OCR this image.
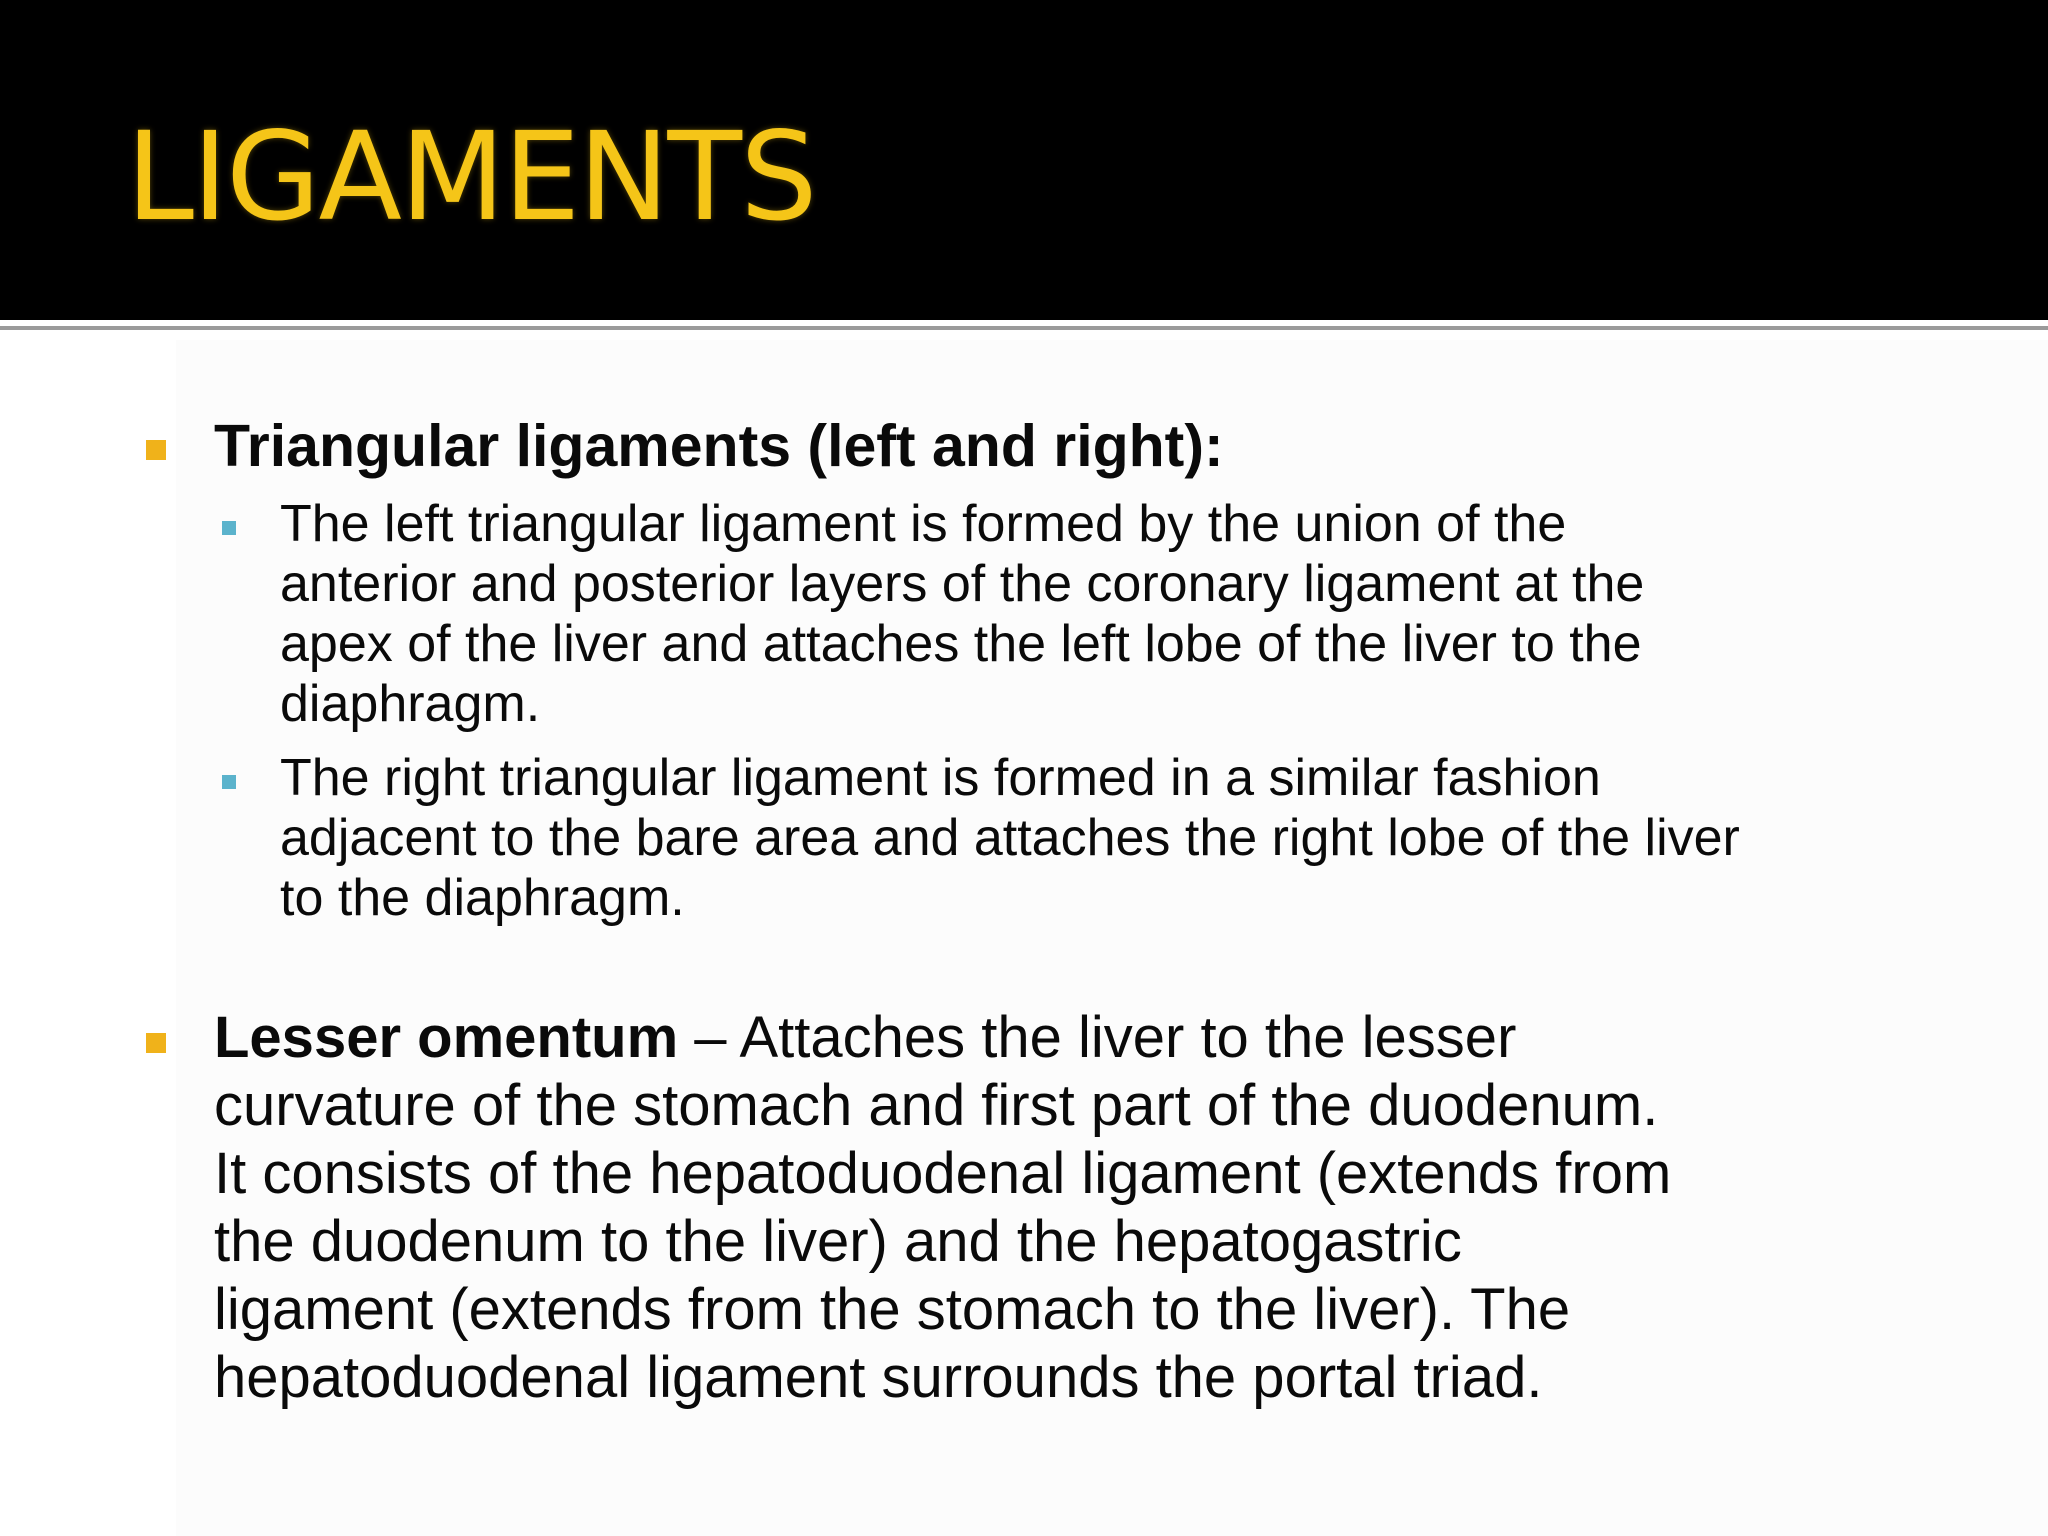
LIGAMENTS
Triangular ligaments (left and right):
The left triangular ligament is formed by the union of the
anterior and posterior layers of the coronary ligament at the
apex of the liver and attaches the left lobe of the liver to the
diaphragm.
The right triangular ligament is formed in a similar fashion
adjacent to the bare area and attaches the right lobe of the liver
to the diaphragm.
Lesser omentum – Attaches the liver to the lesser
curvature of the stomach and first part of the duodenum.
It consists of the hepatoduodenal ligament (extends from
the duodenum to the liver) and the hepatogastric
ligament (extends from the stomach to the liver). The
hepatoduodenal ligament surrounds the portal triad.
